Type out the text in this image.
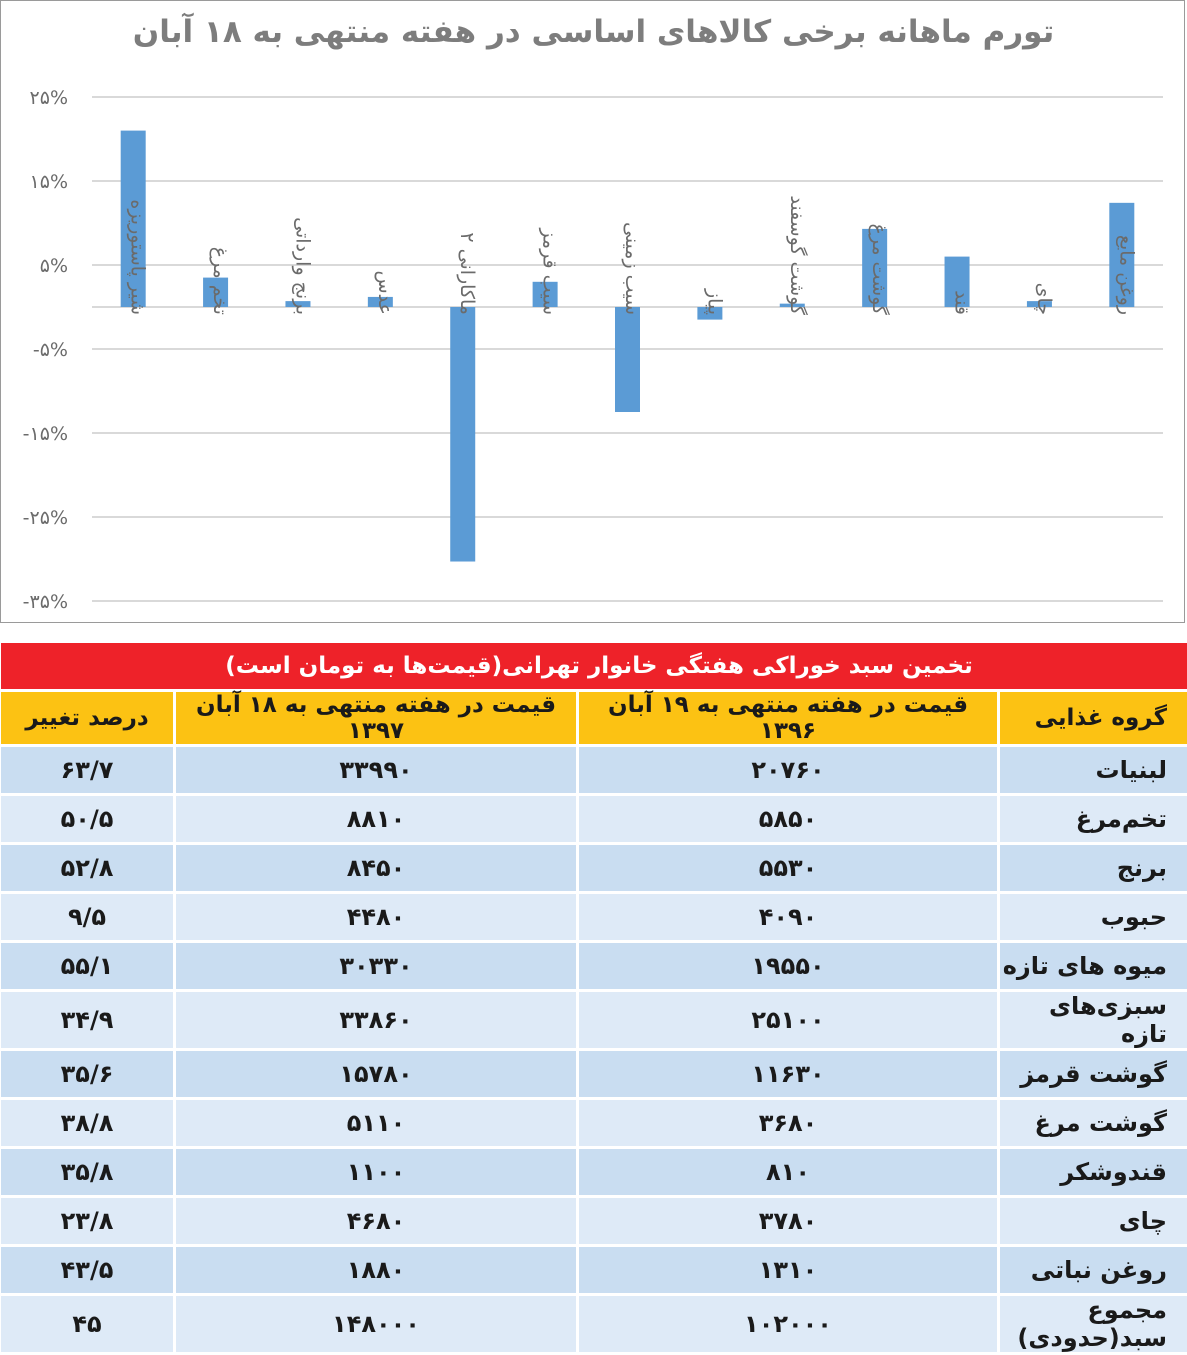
۲۵%
۱۵%
۵%
-۵%
-۱۵%
-۲۵%
-۳۵%
شیر پاستوریزه	تخم مرغ	برنج وارداتی	عدس
ماکارانی ۲	سیب قرمز	سیب زمینی	پیاز	گوشت گوسفند	گوشت مرغ	قند	چای	روغن مایع
تورم ماهانه برخی کالاهای اساسی در هفته منتهی به ۱۸ آبان
تخمین سبد خوراکی هفتگی خانوار تهرانی(قیمت‌ها به تومان است)			
گروه غذایی	قیمت در هفته منتهی به ۱۹ آبان ۱۳۹۶	قیمت در هفته منتهی به ۱۸ آبان ۱۳۹۷	درصد تغییر
لبنیات	۲۰۷۶۰	۳۳۹۹۰	۶۳/۷
تخم‌مرغ	۵۸۵۰	۸۸۱۰	۵۰/۵
برنج	۵۵۳۰	۸۴۵۰	۵۲/۸
حبوب	۴۰۹۰	۴۴۸۰	۹/۵
میوه های تازه	۱۹۵۵۰	۳۰۳۳۰	۵۵/۱
سبزی‌های تازه	۲۵۱۰۰	۳۳۸۶۰	۳۴/۹
گوشت قرمز	۱۱۶۳۰	۱۵۷۸۰	۳۵/۶
گوشت مرغ	۳۶۸۰	۵۱۱۰	۳۸/۸
قندوشکر	۸۱۰	۱۱۰۰	۳۵/۸
چای	۳۷۸۰	۴۶۸۰	۲۳/۸
روغن نباتی	۱۳۱۰	۱۸۸۰	۴۳/۵
مجموع سبد(حدودی)	۱۰۲۰۰۰	۱۴۸۰۰۰	۴۵
